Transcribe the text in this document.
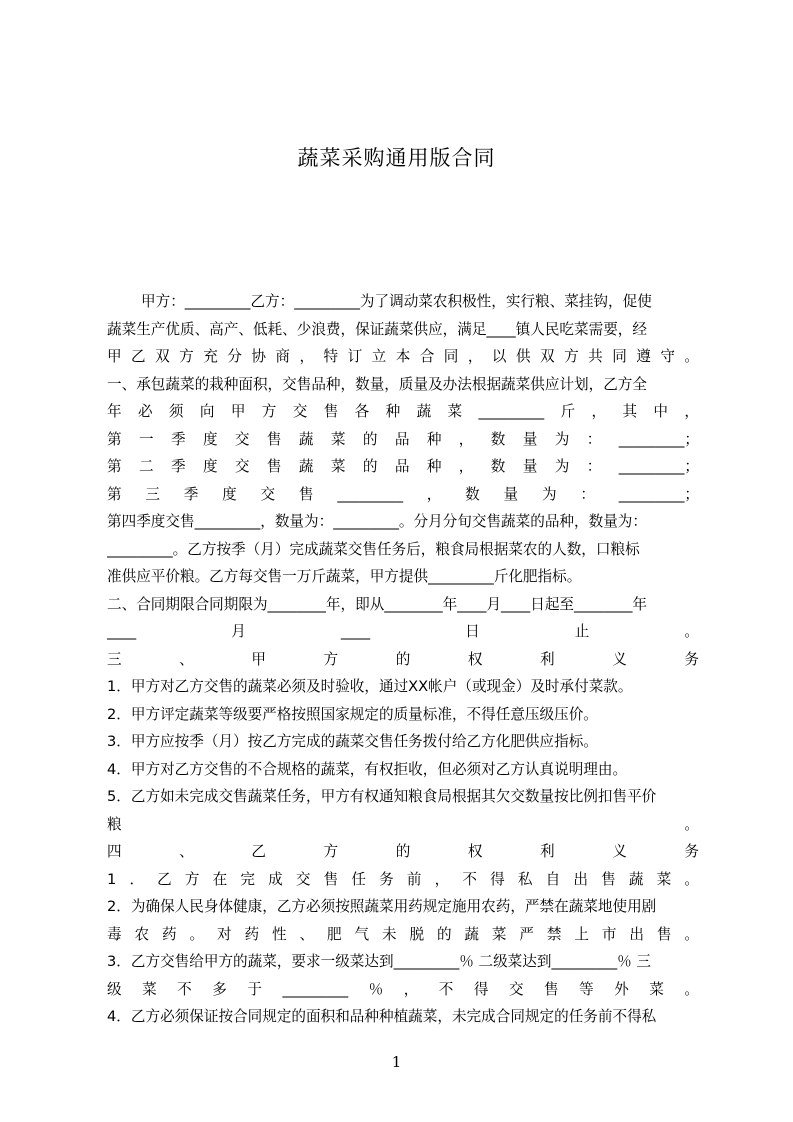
蔬菜采购通用版合同
甲方：_________乙方：_________为了调动菜农积极性，实行粮、菜挂钩，促使
蔬菜生产优质、高产、低耗、少浪费，保证蔬菜供应，满足____镇人民吃菜需要，经
甲乙双方充分协商，特订立本合同，以供双方共同遵守。
一、承包蔬菜的栽种面积，交售品种，数量，质量及办法根据蔬菜供应计划，乙方全
年必须向甲方交售各种蔬菜_________斤，其中，
第一季度交售蔬菜的品种，数量为：_________；
第二季度交售蔬菜的品种，数量为：_________；
第三季度交售_________，数量为：_________；
第四季度交售_________，数量为：_________。分月分旬交售蔬菜的品种，数量为：
_________。乙方按季（月）完成蔬菜交售任务后，粮食局根据菜农的人数，口粮标
准供应平价粮。乙方每交售一万斤蔬菜，甲方提供_________斤化肥指标。
二、合同期限合同期限为________年，即从________年____月____日起至________年
____月____日止。
三、甲方的权利义务
1．甲方对乙方交售的蔬菜必须及时验收，通过XX帐户（或现金）及时承付菜款。
2．甲方评定蔬菜等级要严格按照国家规定的质量标准，不得任意压级压价。
3．甲方应按季（月）按乙方完成的蔬菜交售任务拨付给乙方化肥供应指标。
4．甲方对乙方交售的不合规格的蔬菜，有权拒收，但必须对乙方认真说明理由。
5．乙方如未完成交售蔬菜任务，甲方有权通知粮食局根据其欠交数量按比例扣售平价
粮。
四、乙方的权利义务
1．乙方在完成交售任务前，不得私自出售蔬菜。
2．为确保人民身体健康，乙方必须按照蔬菜用药规定施用农药，严禁在蔬菜地使用剧
毒农药。对药性、肥气未脱的蔬菜严禁上市出售。
3．乙方交售给甲方的蔬菜，要求一级菜达到_________％ 二级菜达到_________％ 三
级菜不多于_________％，不得交售等外菜。
4．乙方必须保证按合同规定的面积和品种种植蔬菜，未完成合同规定的任务前不得私
1
